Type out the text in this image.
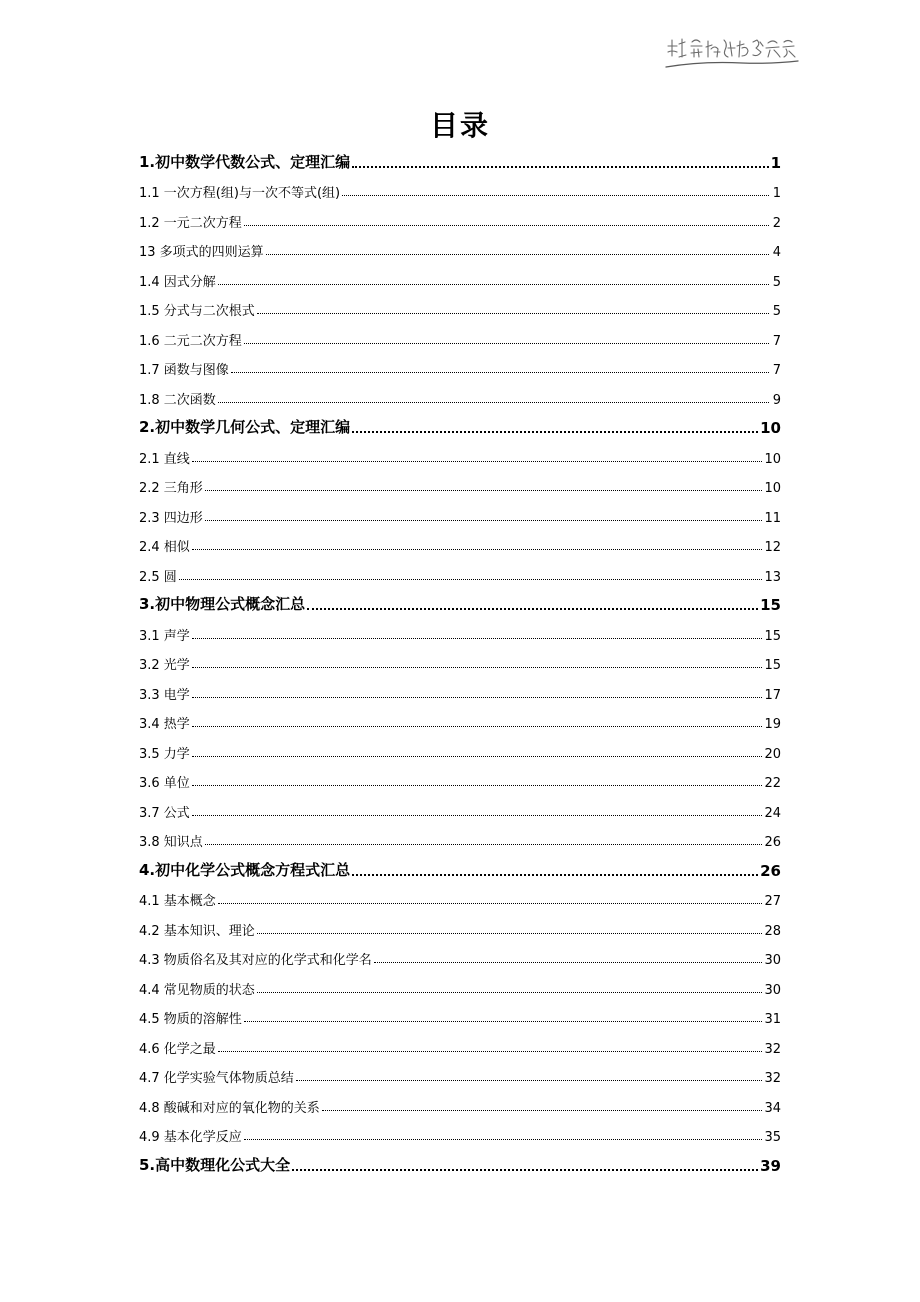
目录
1.初中数学代数公式、定理汇编	1
1.1 一次方程(组)与一次不等式(组)	1
1.2 一元二次方程	2
13 多项式的四则运算	4
1.4 因式分解	5
1.5 分式与二次根式	5
1.6 二元二次方程	7
1.7 函数与图像	7
1.8 二次函数	9
2.初中数学几何公式、定理汇编	10
2.1 直线	10
2.2 三角形	10
2.3 四边形	11
2.4 相似	12
2.5 圆	13
3.初中物理公式概念汇总	15
3.1 声学	15
3.2 光学	15
3.3 电学	17
3.4 热学	19
3.5 力学	20
3.6 单位	22
3.7 公式	24
3.8 知识点	26
4.初中化学公式概念方程式汇总	26
4.1 基本概念	27
4.2 基本知识、理论	28
4.3 物质俗名及其对应的化学式和化学名	30
4.4 常见物质的状态	30
4.5 物质的溶解性	31
4.6 化学之最	32
4.7 化学实验气体物质总结	32
4.8 酸碱和对应的氧化物的关系	34
4.9 基本化学反应	35
5.高中数理化公式大全	39
